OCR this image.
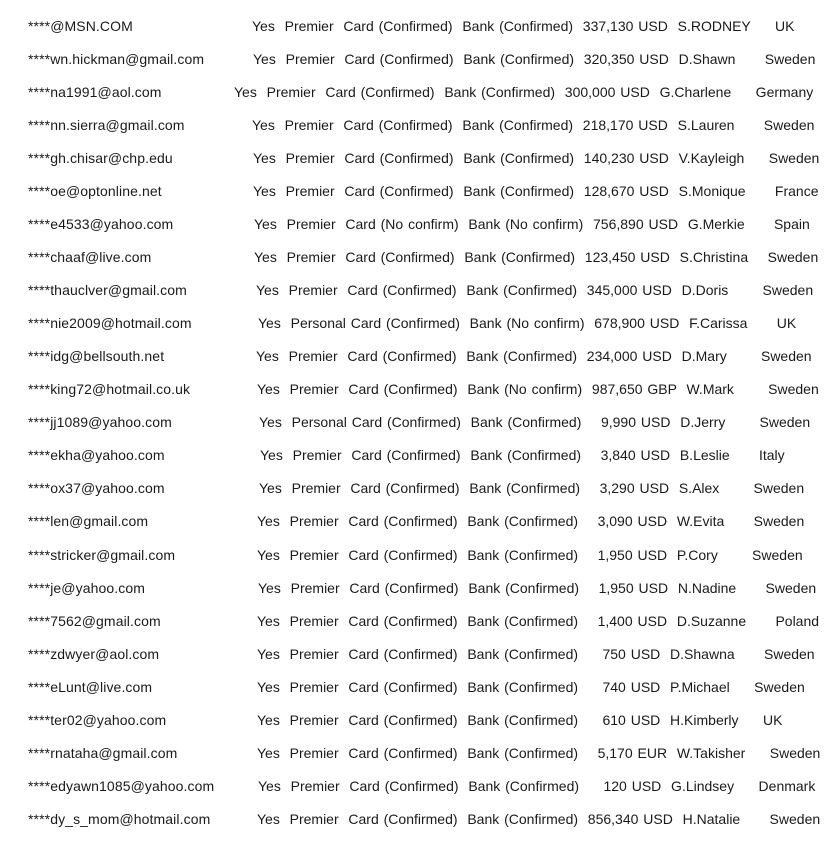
****@MSN.COM	Yes  Premier  Card (Confirmed)  Bank (Confirmed)  337,130 USD  S.RODNEY     UK
****wn.hickman@gmail.com	Yes  Premier  Card (Confirmed)  Bank (Confirmed)  320,350 USD  D.Shawn      Sweden
****na1991@aol.com	Yes  Premier  Card (Confirmed)  Bank (Confirmed)  300,000 USD  G.Charlene     Germany
****nn.sierra@gmail.com	Yes  Premier  Card (Confirmed)  Bank (Confirmed)  218,170 USD  S.Lauren      Sweden
****gh.chisar@chp.edu	Yes  Premier  Card (Confirmed)  Bank (Confirmed)  140,230 USD  V.Kayleigh     Sweden
****oe@optonline.net	Yes  Premier  Card (Confirmed)  Bank (Confirmed)  128,670 USD  S.Monique      France
****e4533@yahoo.com	Yes  Premier  Card (No confirm)  Bank (No confirm)  756,890 USD  G.Merkie      Spain
****chaaf@live.com	Yes  Premier  Card (Confirmed)  Bank (Confirmed)  123,450 USD  S.Christina    Sweden
****thauclver@gmail.com	Yes  Premier  Card (Confirmed)  Bank (Confirmed)  345,000 USD  D.Doris       Sweden
****nie2009@hotmail.com	Yes  Personal Card (Confirmed)  Bank (No confirm)  678,900 USD  F.Carissa      UK
****idg@bellsouth.net	Yes  Premier  Card (Confirmed)  Bank (Confirmed)  234,000 USD  D.Mary       Sweden
****king72@hotmail.co.uk	Yes  Premier  Card (Confirmed)  Bank (No confirm)  987,650 GBP  W.Mark       Sweden
****jj1089@yahoo.com	Yes  Personal Card (Confirmed)  Bank (Confirmed)    9,990 USD  D.Jerry       Sweden
****ekha@yahoo.com	Yes  Premier  Card (Confirmed)  Bank (Confirmed)    3,840 USD  B.Leslie      Italy
****ox37@yahoo.com	Yes  Premier  Card (Confirmed)  Bank (Confirmed)    3,290 USD  S.Alex       Sweden
****len@gmail.com	Yes  Premier  Card (Confirmed)  Bank (Confirmed)    3,090 USD  W.Evita      Sweden
****stricker@gmail.com	Yes  Premier  Card (Confirmed)  Bank (Confirmed)    1,950 USD  P.Cory       Sweden
****je@yahoo.com	Yes  Premier  Card (Confirmed)  Bank (Confirmed)    1,950 USD  N.Nadine      Sweden
****7562@gmail.com	Yes  Premier  Card (Confirmed)  Bank (Confirmed)    1,400 USD  D.Suzanne      Poland
****zdwyer@aol.com	Yes  Premier  Card (Confirmed)  Bank (Confirmed)     750 USD  D.Shawna      Sweden
****eLunt@live.com	Yes  Premier  Card (Confirmed)  Bank (Confirmed)     740 USD  P.Michael     Sweden
****ter02@yahoo.com	Yes  Premier  Card (Confirmed)  Bank (Confirmed)     610 USD  H.Kimberly     UK
****rnataha@gmail.com	Yes  Premier  Card (Confirmed)  Bank (Confirmed)    5,170 EUR  W.Takisher     Sweden
****edyawn1085@yahoo.com	Yes  Premier  Card (Confirmed)  Bank (Confirmed)     120 USD  G.Lindsey     Denmark
****dy_s_mom@hotmail.com	Yes  Premier  Card (Confirmed)  Bank (Confirmed)  856,340 USD  H.Natalie      Sweden
